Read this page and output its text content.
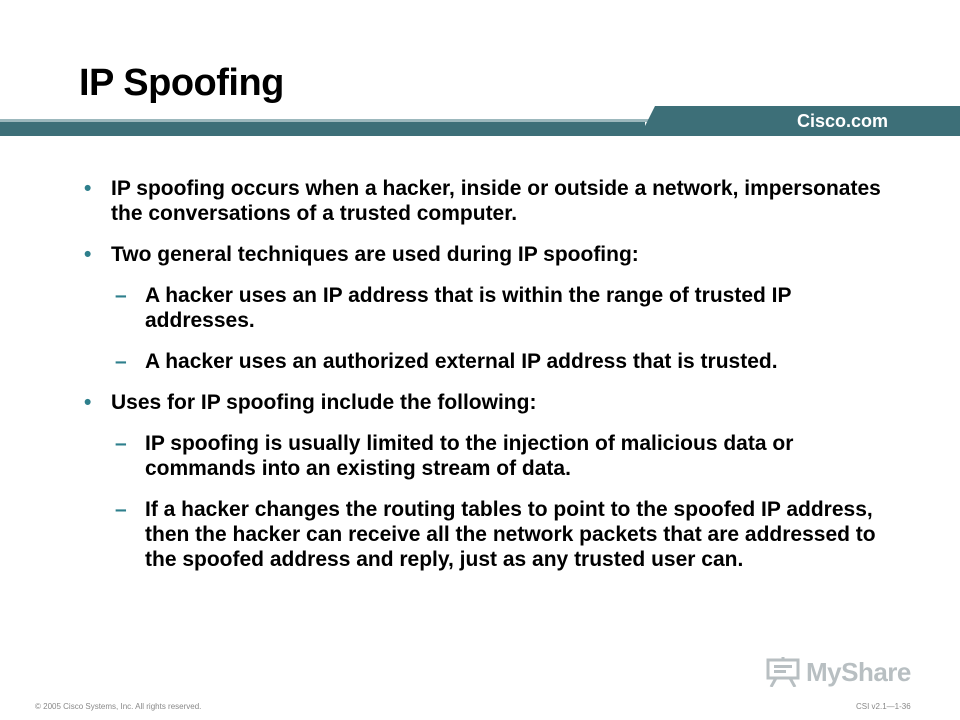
IP Spoofing
Cisco.com
• IP spoofing occurs when a hacker, inside or outside a network, impersonates the conversations of a trusted computer.
• Two general techniques are used during IP spoofing:
– A hacker uses an IP address that is within the range of trusted IP addresses.
– A hacker uses an authorized external IP address that is trusted.
• Uses for IP spoofing include the following:
– IP spoofing is usually limited to the injection of malicious data or commands into an existing stream of data.
– If a hacker changes the routing tables to point to the spoofed IP address, then the hacker can receive all the network packets that are addressed to the spoofed address and reply, just as any trusted user can.
MyShare
© 2005 Cisco Systems, Inc. All rights reserved.	CSI v2.1—1-36
